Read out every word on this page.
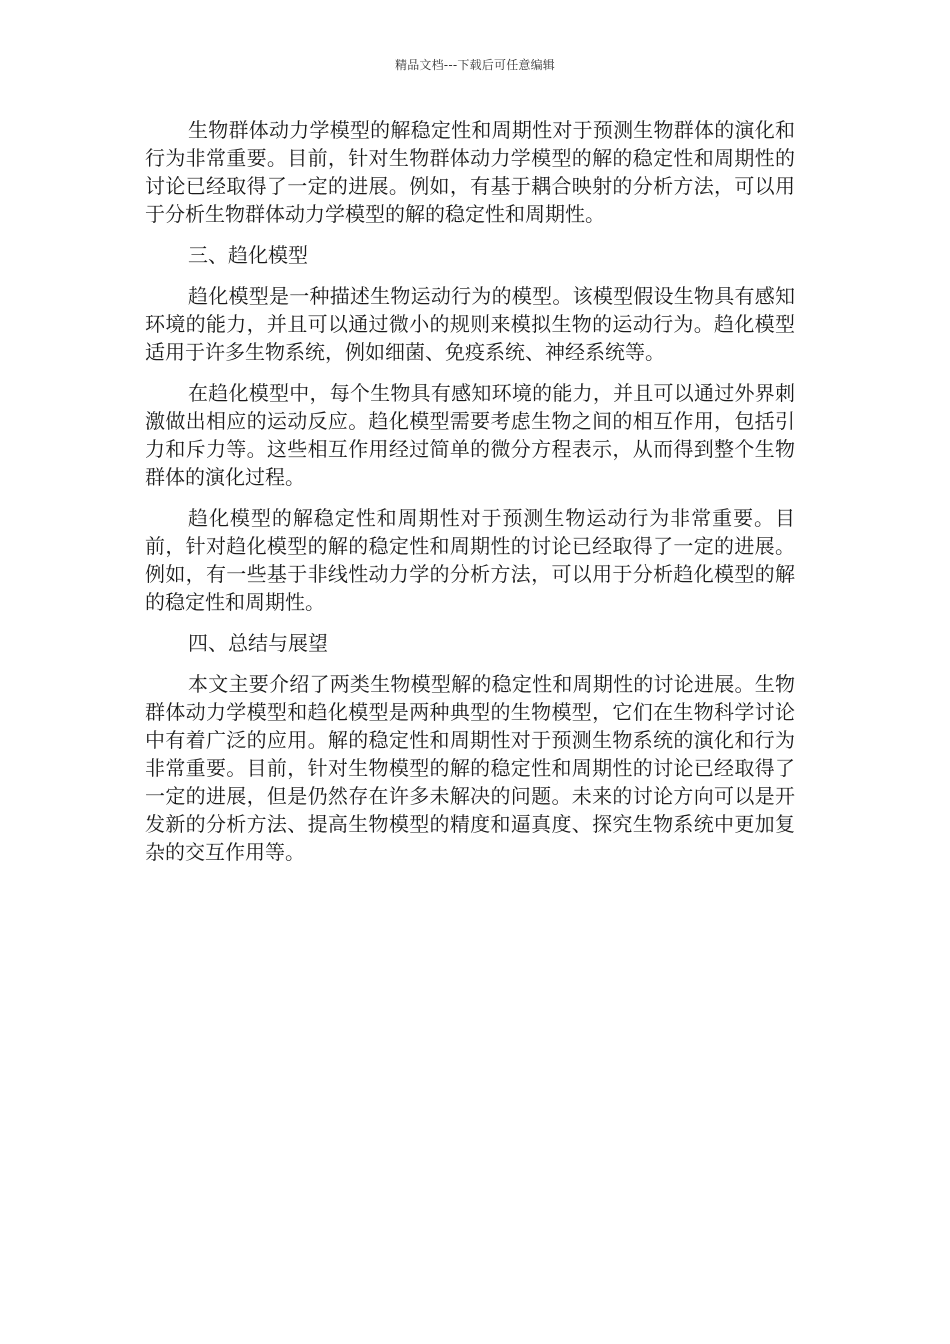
精品文档---下载后可任意编辑

生物群体动力学模型的解稳定性和周期性对于预测生物群体的演化和行为非常重要。目前，针对生物群体动力学模型的解的稳定性和周期性的讨论已经取得了一定的进展。例如，有基于耦合映射的分析方法，可以用于分析生物群体动力学模型的解的稳定性和周期性。

三、趋化模型

趋化模型是一种描述生物运动行为的模型。该模型假设生物具有感知环境的能力，并且可以通过微小的规则来模拟生物的运动行为。趋化模型适用于许多生物系统，例如细菌、免疫系统、神经系统等。

在趋化模型中，每个生物具有感知环境的能力，并且可以通过外界刺激做出相应的运动反应。趋化模型需要考虑生物之间的相互作用，包括引力和斥力等。这些相互作用经过简单的微分方程表示，从而得到整个生物群体的演化过程。

趋化模型的解稳定性和周期性对于预测生物运动行为非常重要。目前，针对趋化模型的解的稳定性和周期性的讨论已经取得了一定的进展。例如，有一些基于非线性动力学的分析方法，可以用于分析趋化模型的解的稳定性和周期性。

四、总结与展望

本文主要介绍了两类生物模型解的稳定性和周期性的讨论进展。生物群体动力学模型和趋化模型是两种典型的生物模型，它们在生物科学讨论中有着广泛的应用。解的稳定性和周期性对于预测生物系统的演化和行为非常重要。目前，针对生物模型的解的稳定性和周期性的讨论已经取得了一定的进展，但是仍然存在许多未解决的问题。未来的讨论方向可以是开发新的分析方法、提高生物模型的精度和逼真度、探究生物系统中更加复杂的交互作用等。
